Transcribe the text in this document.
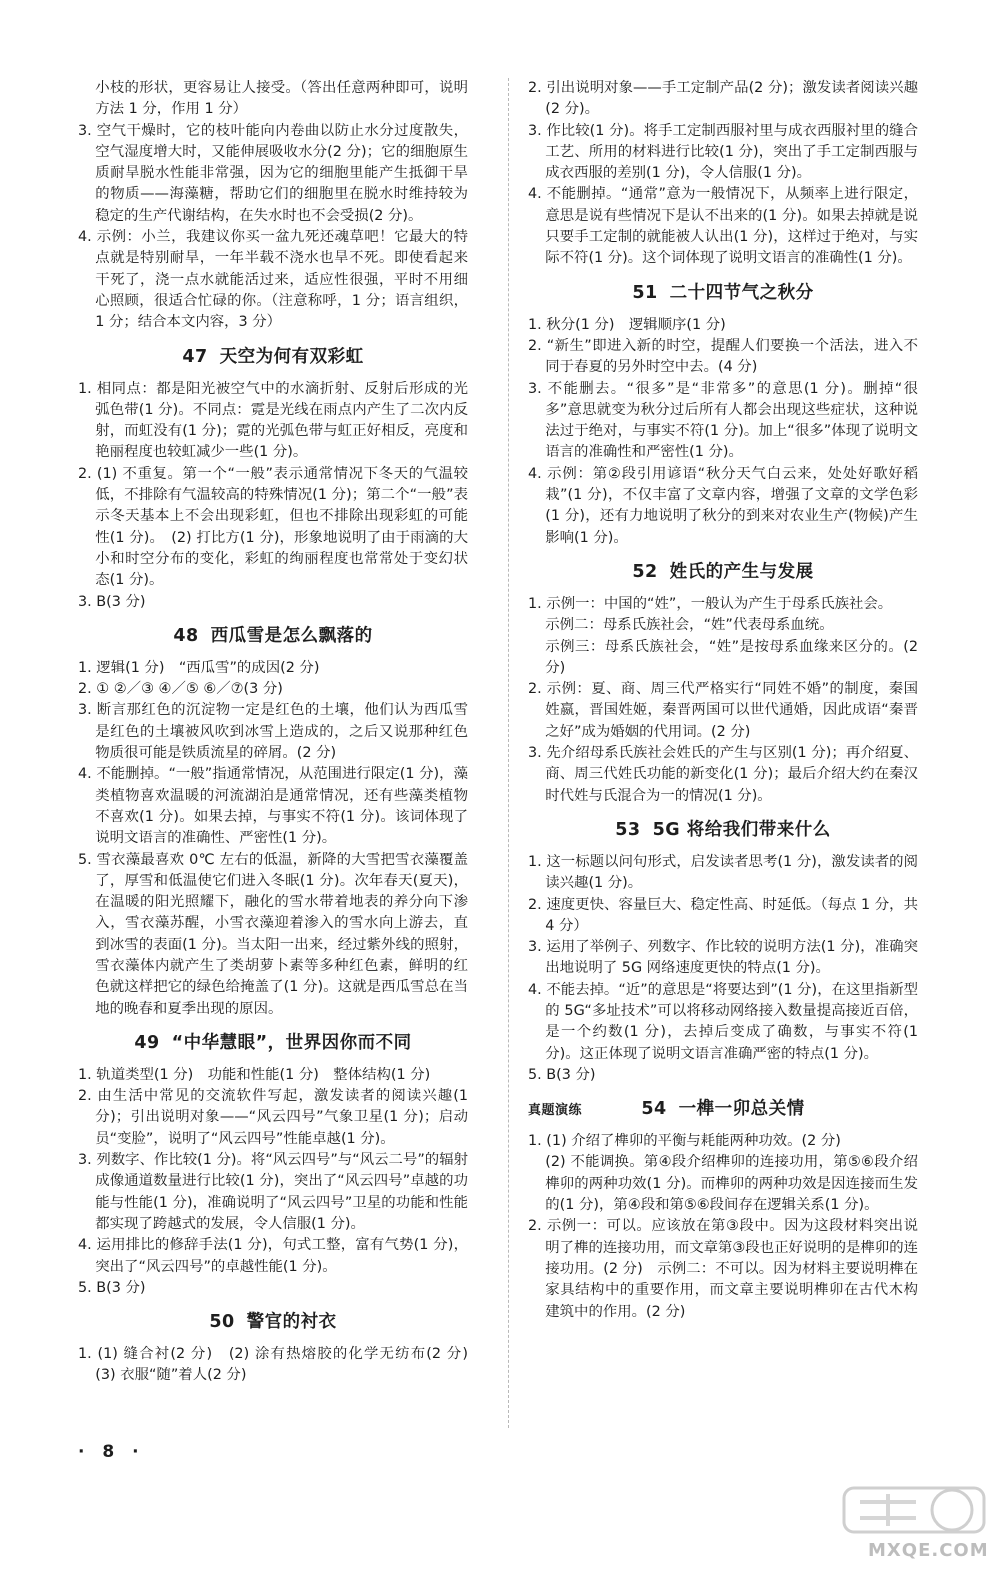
小枝的形状，更容易让人接受。（答出任意两种即可，说明方法 1 分，作用 1 分）

3. 空气干燥时，它的枝叶能向内卷曲以防止水分过度散失，空气湿度增大时，又能伸展吸收水分(2 分)；它的细胞原生质耐旱脱水性能非常强，因为它的细胞里能产生抵御干旱的物质——海藻糖，帮助它们的细胞里在脱水时维持较为稳定的生产代谢结构，在失水时也不会受损(2 分)。

4. 示例：小兰，我建议你买一盆九死还魂草吧！它最大的特点就是特别耐旱，一年半载不浇水也旱不死。即使看起来干死了，浇一点水就能活过来，适应性很强，平时不用细心照顾，很适合忙碌的你。（注意称呼，1 分；语言组织，1 分；结合本文内容，3 分）

47 天空为何有双彩虹

1. 相同点：都是阳光被空气中的水滴折射、反射后形成的光弧色带(1 分)。不同点：霓是光线在雨点内产生了二次内反射，而虹没有(1 分)；霓的光弧色带与虹正好相反，亮度和艳丽程度也较虹减少一些(1 分)。

2. (1) 不重复。第一个“一般”表示通常情况下冬天的气温较低，不排除有气温较高的特殊情况(1 分)；第二个“一般”表示冬天基本上不会出现彩虹，但也不排除出现彩虹的可能性(1 分)。　(2) 打比方(1 分)，形象地说明了由于雨滴的大小和时空分布的变化，彩虹的绚丽程度也常常处于变幻状态(1 分)。

3. B(3 分)

48 西瓜雪是怎么飘落的

1. 逻辑(1 分)　“西瓜雪”的成因(2 分)

2. ① ②／③ ④／⑤ ⑥／⑦(3 分)

3. 断言那红色的沉淀物一定是红色的土壤，他们认为西瓜雪是红色的土壤被风吹到冰雪上造成的，之后又说那种红色物质很可能是铁质流星的碎屑。(2 分)

4. 不能删掉。“一般”指通常情况，从范围进行限定(1 分)，藻类植物喜欢温暖的河流湖泊是通常情况，还有些藻类植物不喜欢(1 分)。如果去掉，与事实不符(1 分)。该词体现了说明文语言的准确性、严密性(1 分)。

5. 雪衣藻最喜欢 0℃ 左右的低温，新降的大雪把雪衣藻覆盖了，厚雪和低温使它们进入冬眠(1 分)。次年春天(夏天)，在温暖的阳光照耀下，融化的雪水带着地表的养分向下渗入，雪衣藻苏醒，小雪衣藻迎着渗入的雪水向上游去，直到冰雪的表面(1 分)。当太阳一出来，经过紫外线的照射，雪衣藻体内就产生了类胡萝卜素等多种红色素，鲜明的红色就这样把它的绿色给掩盖了(1 分)。这就是西瓜雪总在当地的晚春和夏季出现的原因。

49 “中华慧眼”，世界因你而不同

1. 轨道类型(1 分)　功能和性能(1 分)　整体结构(1 分)

2. 由生活中常见的交流软件写起，激发读者的阅读兴趣(1 分)；引出说明对象——“风云四号”气象卫星(1 分)；启动员“变脸”，说明了“风云四号”性能卓越(1 分)。

3. 列数字、作比较(1 分)。将“风云四号”与“风云二号”的辐射成像通道数量进行比较(1 分)，突出了“风云四号”卓越的功能与性能(1 分)，准确说明了“风云四号”卫星的功能和性能都实现了跨越式的发展，令人信服(1 分)。

4. 运用排比的修辞手法(1 分)，句式工整，富有气势(1 分)，突出了“风云四号”的卓越性能(1 分)。

5. B(3 分)

50 警官的衬衣

1. (1) 缝合衬(2 分)　(2) 涂有热熔胶的化学无纺布(2 分)　(3) 衣服“随”着人(2 分)

2. 引出说明对象——手工定制产品(2 分)；激发读者阅读兴趣(2 分)。

3. 作比较(1 分)。将手工定制西服衬里与成衣西服衬里的缝合工艺、所用的材料进行比较(1 分)，突出了手工定制西服与成衣西服的差别(1 分)，令人信服(1 分)。

4. 不能删掉。“通常”意为一般情况下，从频率上进行限定，意思是说有些情况下是认不出来的(1 分)。如果去掉就是说只要手工定制的就能被人认出(1 分)，这样过于绝对，与实际不符(1 分)。这个词体现了说明文语言的准确性(1 分)。

51 二十四节气之秋分

1. 秋分(1 分)　逻辑顺序(1 分)

2. “新生”即进入新的时空，提醒人们要换一个活法，进入不同于春夏的另外时空中去。(4 分)

3. 不能删去。“很多”是“非常多”的意思(1 分)。删掉“很多”意思就变为秋分过后所有人都会出现这些症状，这种说法过于绝对，与事实不符(1 分)。加上“很多”体现了说明文语言的准确性和严密性(1 分)。

4. 示例：第②段引用谚语“秋分天气白云来，处处好歌好稻栽”(1 分)，不仅丰富了文章内容，增强了文章的文学色彩(1 分)，还有力地说明了秋分的到来对农业生产(物候)产生影响(1 分)。

52 姓氏的产生与发展

1. 示例一：中国的“姓”，一般认为产生于母系氏族社会。

示例二：母系氏族社会，“姓”代表母系血统。

示例三：母系氏族社会，“姓”是按母系血缘来区分的。(2 分)

2. 示例：夏、商、周三代严格实行“同姓不婚”的制度，秦国姓嬴，晋国姓姬，秦晋两国可以世代通婚，因此成语“秦晋之好”成为婚姻的代用词。(2 分)

3. 先介绍母系氏族社会姓氏的产生与区别(1 分)；再介绍夏、商、周三代姓氏功能的新变化(1 分)；最后介绍大约在秦汉时代姓与氏混合为一的情况(1 分)。

53 5G 将给我们带来什么

1. 这一标题以问句形式，启发读者思考(1 分)，激发读者的阅读兴趣(1 分)。

2. 速度更快、容量巨大、稳定性高、时延低。（每点 1 分，共 4 分）

3. 运用了举例子、列数字、作比较的说明方法(1 分)，准确突出地说明了 5G 网络速度更快的特点(1 分)。

4. 不能去掉。“近”的意思是“将要达到”(1 分)，在这里指新型的 5G“多址技术”可以将移动网络接入数量提高接近百倍，是一个约数(1 分)，去掉后变成了确数，与事实不符(1 分)。这正体现了说明文语言准确严密的特点(1 分)。

5. B(3 分)

真题演练	54 一榫一卯总关情

1. (1) 介绍了榫卯的平衡与耗能两种功效。(2 分)

(2) 不能调换。第④段介绍榫卯的连接功用，第⑤⑥段介绍榫卯的两种功效(1 分)。而榫卯的两种功效是因连接而生发的(1 分)，第④段和第⑤⑥段间存在逻辑关系(1 分)。

2. 示例一：可以。应该放在第③段中。因为这段材料突出说明了榫的连接功用，而文章第③段也正好说明的是榫卯的连接功用。(2 分)　示例二：不可以。因为材料主要说明榫在家具结构中的重要作用，而文章主要说明榫卯在古代木构建筑中的作用。(2 分)

· 8 ·
MXQE.COM
